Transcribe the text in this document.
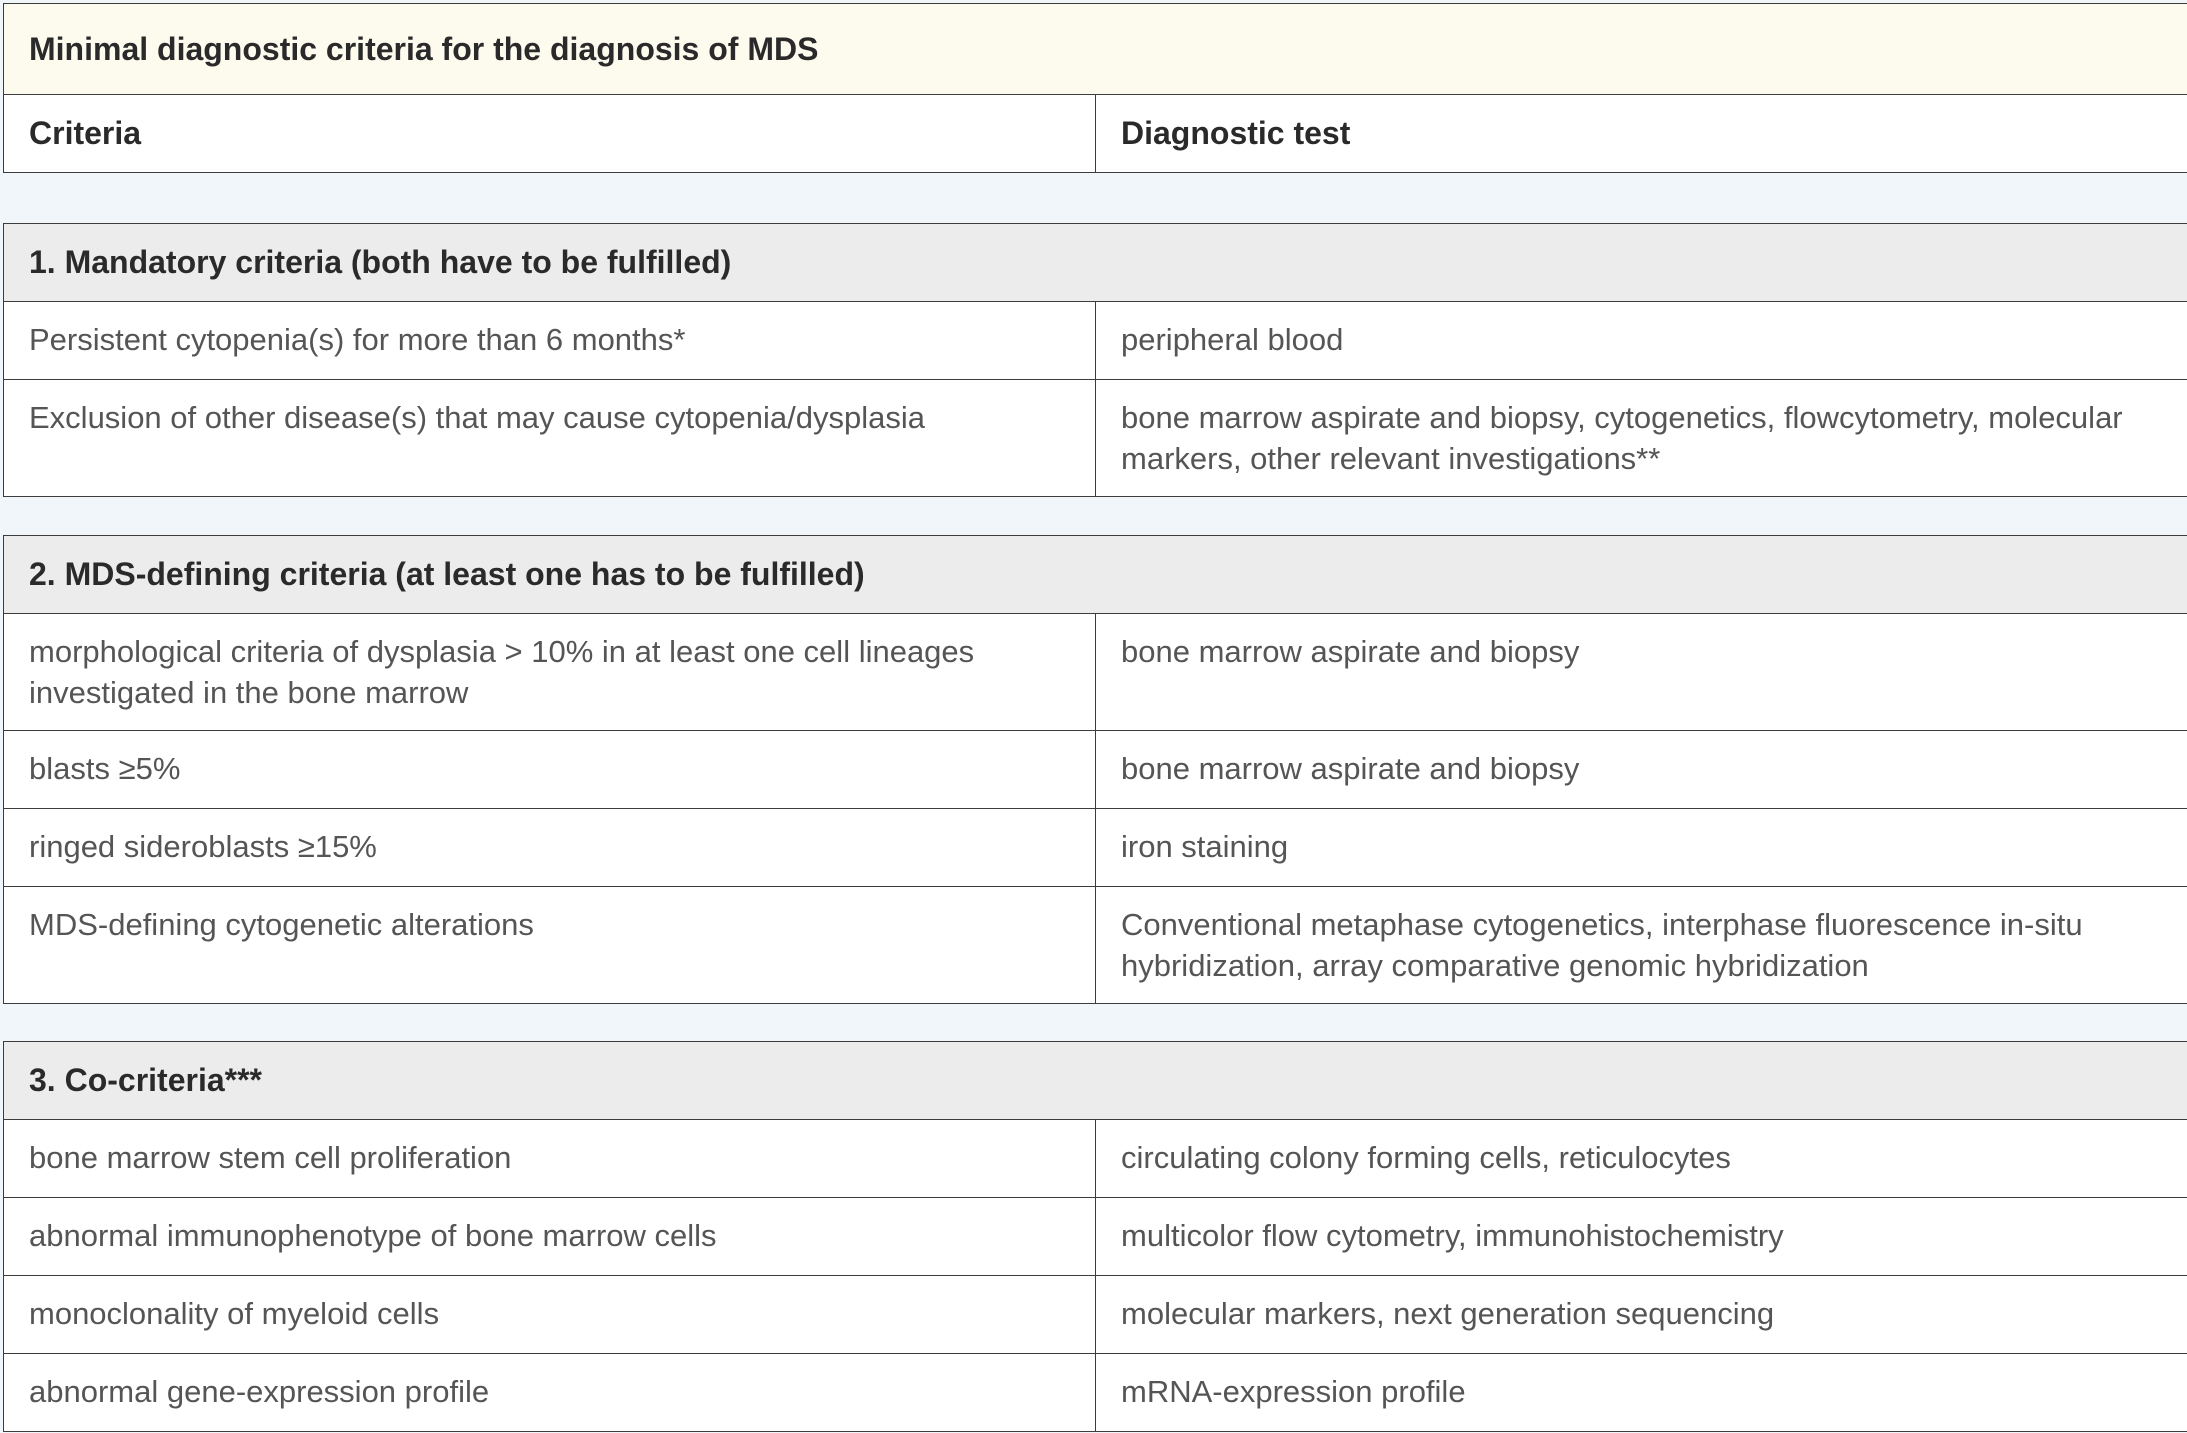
Minimal diagnostic criteria for the diagnosis of MDS
Criteria	Diagnostic test
1. Mandatory criteria (both have to be fulfilled)	
Persistent cytopenia(s) for more than 6 months*	peripheral blood
Exclusion of other disease(s) that may cause cytopenia/dysplasia	bone marrow aspirate and biopsy, cytogenetics, flowcytometry, molecular markers, other relevant investigations**
2. MDS-defining criteria (at least one has to be fulfilled)	
morphological criteria of dysplasia > 10% in at least one cell lineages investigated in the bone marrow	bone marrow aspirate and biopsy
blasts ≥5%	bone marrow aspirate and biopsy
ringed sideroblasts ≥15%	iron staining
MDS-defining cytogenetic alterations	Conventional metaphase cytogenetics, interphase fluorescence in-situ hybridization, array comparative genomic hybridization
3. Co-criteria***	
bone marrow stem cell proliferation	circulating colony forming cells, reticulocytes
abnormal immunophenotype of bone marrow cells	multicolor flow cytometry, immunohistochemistry
monoclonality of myeloid cells	molecular markers, next generation sequencing
abnormal gene-expression profile	mRNA-expression profile
